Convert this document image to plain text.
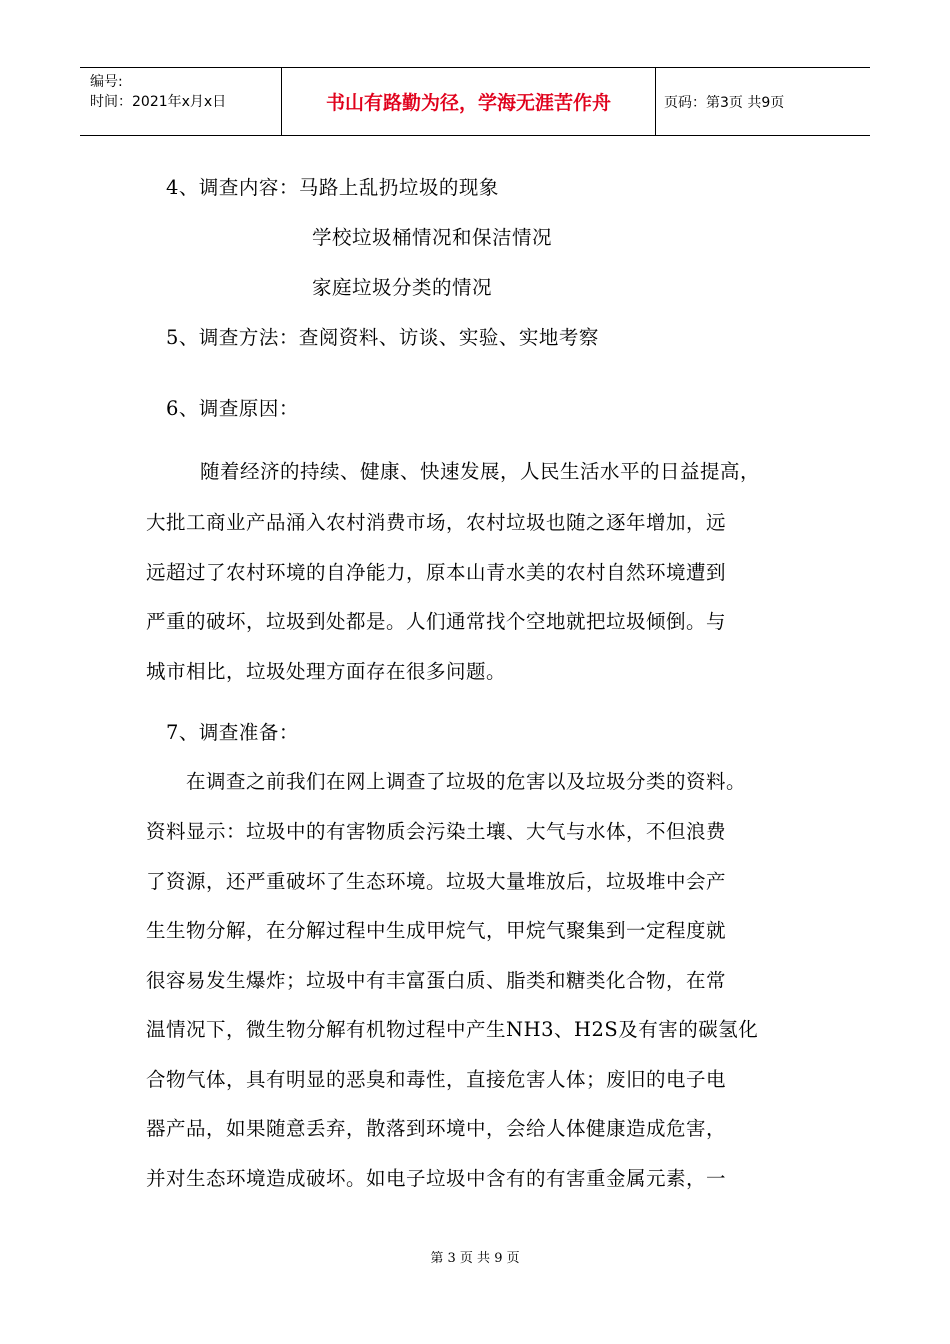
编号:
时间：2021年x月x日	书山有路勤为径，学海无涯苦作舟	页码：第3页 共9页
4、调查内容：马路上乱扔垃圾的现象
学校垃圾桶情况和保洁情况
家庭垃圾分类的情况
5、调查方法：查阅资料、访谈、实验、实地考察
6、调查原因：
随着经济的持续、健康、快速发展，人民生活水平的日益提高，
大批工商业产品涌入农村消费市场，农村垃圾也随之逐年增加，远
远超过了农村环境的自净能力，原本山青水美的农村自然环境遭到
严重的破坏，垃圾到处都是。人们通常找个空地就把垃圾倾倒。与
城市相比，垃圾处理方面存在很多问题。
7、调查准备：
在调查之前我们在网上调查了垃圾的危害以及垃圾分类的资料。
资料显示：垃圾中的有害物质会污染土壤、大气与水体，不但浪费
了资源，还严重破坏了生态环境。垃圾大量堆放后，垃圾堆中会产
生生物分解，在分解过程中生成甲烷气，甲烷气聚集到一定程度就
很容易发生爆炸；垃圾中有丰富蛋白质、脂类和糖类化合物，在常
温情况下，微生物分解有机物过程中产生NH3、H2S及有害的碳氢化
合物气体，具有明显的恶臭和毒性，直接危害人体；废旧的电子电
器产品，如果随意丢弃，散落到环境中，会给人体健康造成危害，
并对生态环境造成破坏。如电子垃圾中含有的有害重金属元素，一
第 3 页 共 9 页
